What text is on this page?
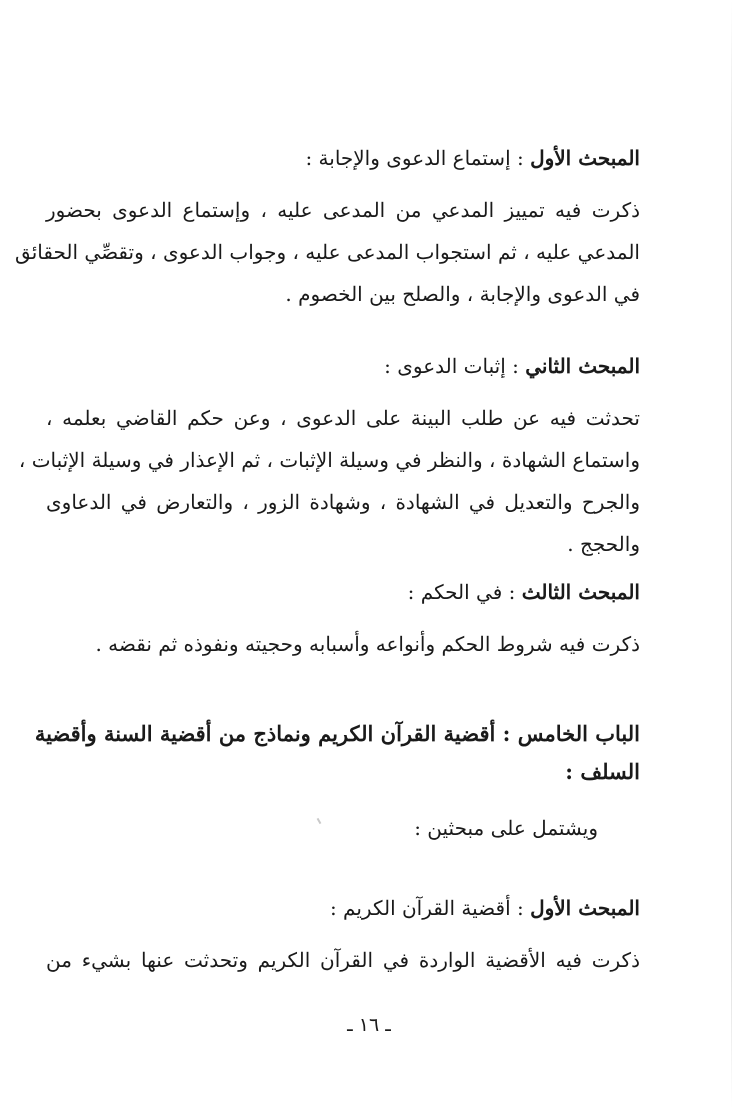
المبحث الأول : إستماع الدعوى والإجابة :
ذكرت فيه تمييز المدعي من المدعى عليه ، وإستماع الدعوى بحضور
المدعي عليه ، ثم استجواب المدعى عليه ، وجواب الدعوى ، وتقصِّي الحقائق
في الدعوى والإجابة ، والصلح بين الخصوم .
المبحث الثاني : إثبات الدعوى :
تحدثت فيه عن طلب البينة على الدعوى ، وعن حكم القاضي بعلمه ،
واستماع الشهادة ، والنظر في وسيلة الإثبات ، ثم الإعذار في وسيلة الإثبات ،
والجرح والتعديل في الشهادة ، وشهادة الزور ، والتعارض في الدعاوى
والحجج .
المبحث الثالث : في الحكم :
ذكرت فيه شروط الحكم وأنواعه وأسبابه وحجيته ونفوذه ثم نقضه .
الباب الخامس : أقضية القرآن الكريم ونماذج من أقضية السنة وأقضية
السلف :
ويشتمل على مبحثين :
المبحث الأول : أقضية القرآن الكريم :
ذكرت فيه الأقضية الواردة في القرآن الكريم وتحدثت عنها بشيء من
ـ ١٦ ـ
